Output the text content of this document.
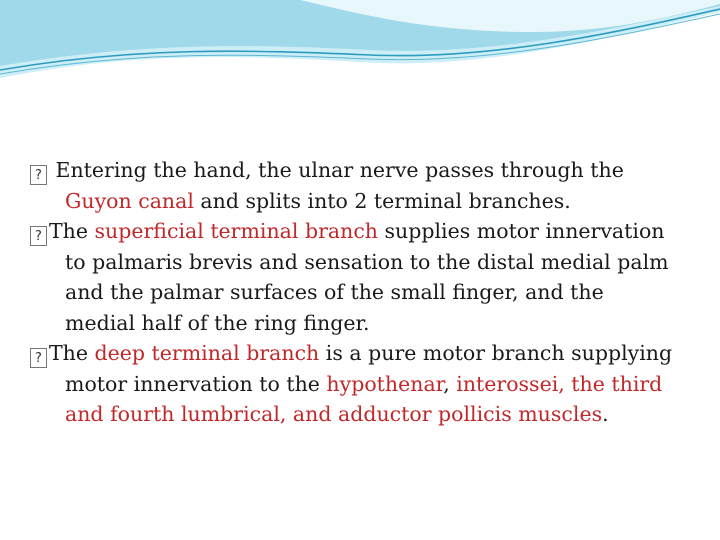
? Entering the hand, the ulnar nerve passes through the Guyon canal and splits into 2 terminal branches.
? The superficial terminal branch supplies motor innervation to palmaris brevis and sensation to the distal medial palm and the palmar surfaces of the small finger, and the medial half of the ring finger.
? The deep terminal branch is a pure motor branch supplying motor innervation to the hypothenar, interossei, the third and fourth lumbrical, and adductor pollicis muscles.
